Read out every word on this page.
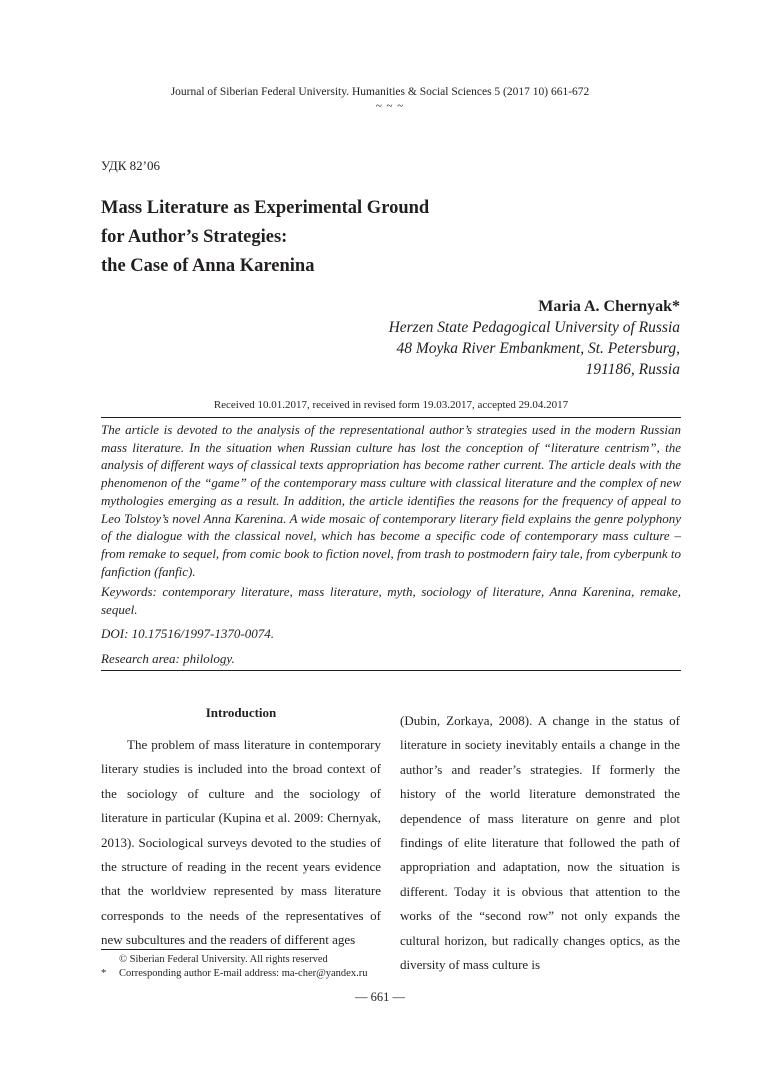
Journal of Siberian Federal University. Humanities & Social Sciences 5 (2017 10) 661-672
~ ~ ~
УДК 82’06
Mass Literature as Experimental Ground
for Author’s Strategies:
the Case of Anna Karenina
Maria A. Chernyak*
Herzen State Pedagogical University of Russia
48 Moyka River Embankment, St. Petersburg,
191186, Russia
Received 10.01.2017, received in revised form 19.03.2017, accepted 29.04.2017

The article is devoted to the analysis of the representational author’s strategies used in the modern Russian mass literature. In the situation when Russian culture has lost the conception of “literature centrism”, the analysis of different ways of classical texts appropriation has become rather current. The article deals with the phenomenon of the “game” of the contemporary mass culture with classical literature and the complex of new mythologies emerging as a result. In addition, the article identifies the reasons for the frequency of appeal to Leo Tolstoy’s novel Anna Karenina. A wide mosaic of contemporary literary field explains the genre polyphony of the dialogue with the classical novel, which has become a specific code of contemporary mass culture – from remake to sequel, from comic book to fiction novel, from trash to postmodern fairy tale, from cyberpunk to fanfiction (fanfic).

Keywords: contemporary literature, mass literature, myth, sociology of literature, Anna Karenina, remake, sequel.
DOI: 10.17516/1997-1370-0074.
Research area: philology.

Introduction

The problem of mass literature in contemporary literary studies is included into the broad context of the sociology of culture and the sociology of literature in particular (Kupina et al. 2009: Chernyak, 2013). Sociological surveys devoted to the studies of the structure of reading in the recent years evidence that the worldview represented by mass literature corresponds to the needs of the representatives of new subcultures and the readers of different ages

(Dubin, Zorkaya, 2008). A change in the status of literature in society inevitably entails a change in the author’s and reader’s strategies. If formerly the history of the world literature demonstrated the dependence of mass literature on genre and plot findings of elite literature that followed the path of appropriation and adaptation, now the situation is different. Today it is obvious that attention to the works of the “second row” not only expands the cultural horizon, but radically changes optics, as the diversity of mass culture is

© Siberian Federal University. All rights reserved
* Corresponding author E-mail address: ma-cher@yandex.ru
— 661 —
